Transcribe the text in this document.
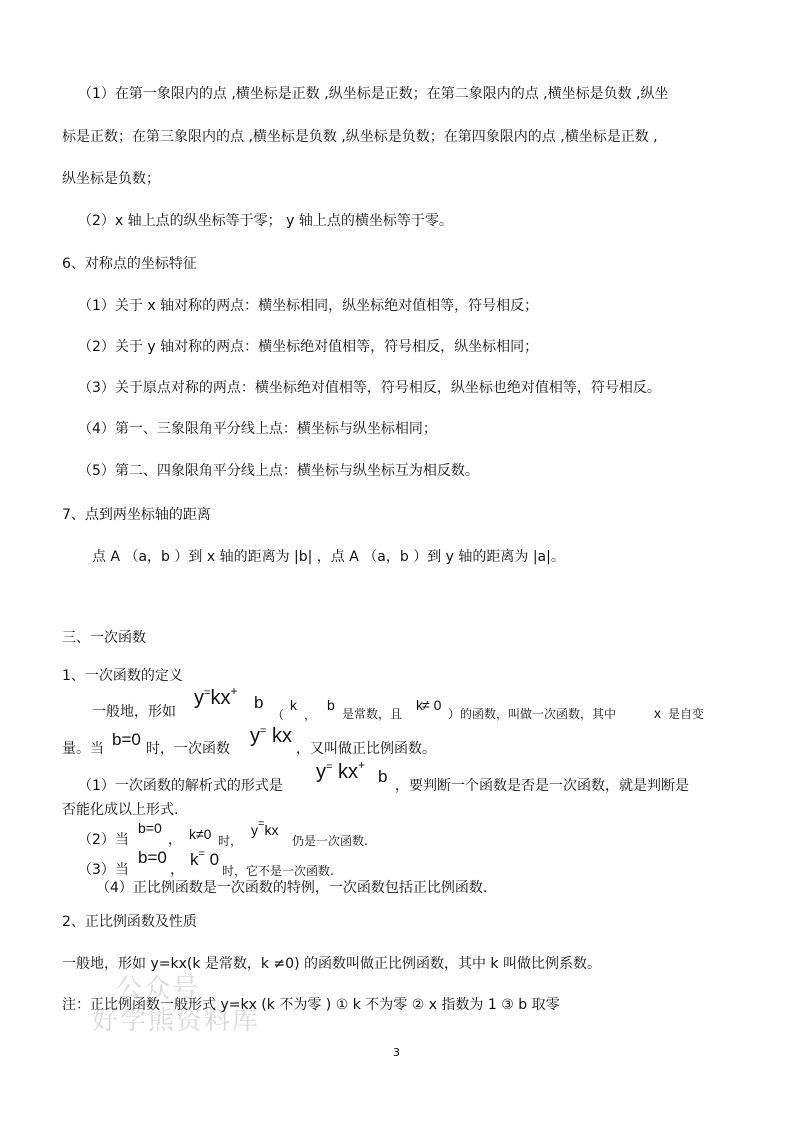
（1）在第一象限内的点 ,横坐标是正数 ,纵坐标是正数；在第二象限内的点 ,横坐标是负数 ,纵坐
标是正数；在第三象限内的点 ,横坐标是负数 ,纵坐标是负数；在第四象限内的点 ,横坐标是正数 ,
纵坐标是负数；
（2）x 轴上点的纵坐标等于零； y 轴上点的横坐标等于零。
6、对称点的坐标特征
（1）关于 x 轴对称的两点：横坐标相同，纵坐标绝对值相等，符号相反；
（2）关于 y 轴对称的两点：横坐标绝对值相等，符号相反，纵坐标相同；
（3）关于原点对称的两点：横坐标绝对值相等，符号相反，纵坐标也绝对值相等，符号相反。
（4）第一、三象限角平分线上点：横坐标与纵坐标相同；
（5）第二、四象限角平分线上点：横坐标与纵坐标互为相反数。
7、点到两坐标轴的距离
点 A （a，b ）到 x 轴的距离为 |b| ，点 A （a，b ）到 y 轴的距离为 |a|。
三、一次函数
1、一次函数的定义
一般地，形如
y=kx+
b
（
k
，
b
是常数，且
k ≠ 0
）的函数，叫做一次函数，其中	x 是自变
量。当 b=0 时，一次函数
y= kx
，又叫做正比例函数。
（1）一次函数的解析式的形式是
y= kx+
b ，要判断一个函数是否是一次函数，就是判断是
否能化成以上形式.
（2）当
b=0
， k≠0 时，
y=kx
仍是一次函数.
（3）当
b=0
，
k= 0
时，它不是一次函数.
（4）正比例函数是一次函数的特例，一次函数包括正比例函数.
2、正比例函数及性质
一般地，形如 y=kx(k 是常数，k ≠0) 的函数叫做正比例函数，其中 k 叫做比例系数。
公众号
好学熊资料库
注：正比例函数一般形式 y=kx (k 不为零 ) ① k 不为零 ② x 指数为 1 ③ b 取零
3
